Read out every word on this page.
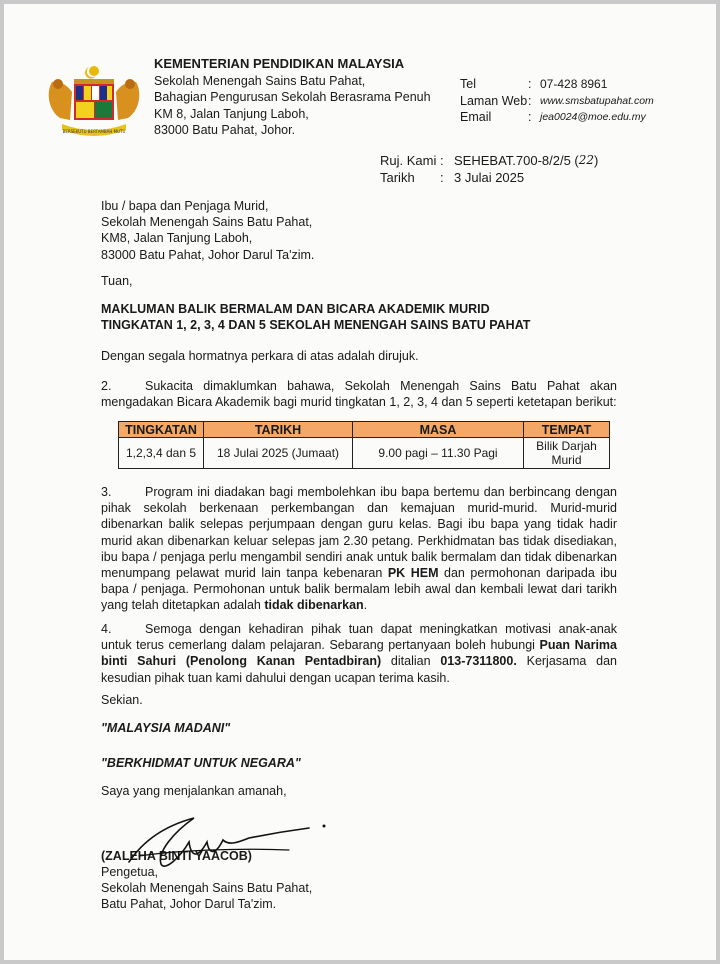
BERSEKUTU BERTAMBAH MUTU
KEMENTERIAN PENDIDIKAN MALAYSIA
Sekolah Menengah Sains Batu Pahat,
Bahagian Pengurusan Sekolah Berasrama Penuh
KM 8, Jalan Tanjung Laboh,
83000 Batu Pahat, Johor.
Tel	: 07-428 8961
Laman Web : www.smsbatupahat.com
Email	: jea0024@moe.edu.my
Ruj. Kami : SEHEBAT.700-8/2/5 ( 22 )
Tarikh	: 3 Julai 2025
Ibu / bapa dan Penjaga Murid,
Sekolah Menengah Sains Batu Pahat,
KM8, Jalan Tanjung Laboh,
83000 Batu Pahat, Johor Darul Ta'zim.
Tuan,
MAKLUMAN BALIK BERMALAM DAN BICARA AKADEMIK MURID
TINGKATAN 1, 2, 3, 4 DAN 5 SEKOLAH MENENGAH SAINS BATU PAHAT
Dengan segala hormatnya perkara di atas adalah dirujuk.
2.	Sukacita dimaklumkan bahawa, Sekolah Menengah Sains Batu Pahat akan mengadakan Bicara Akademik bagi murid tingkatan 1, 2, 3, 4 dan 5 seperti ketetapan berikut:
TINGKATAN	TARIKH	MASA	TEMPAT
1,2,3,4 dan 5	18 Julai 2025 (Jumaat)	9.00 pagi – 11.30 Pagi	Bilik Darjah Murid
3.	Program ini diadakan bagi membolehkan ibu bapa bertemu dan berbincang dengan pihak sekolah berkenaan perkembangan dan kemajuan murid-murid. Murid-murid dibenarkan balik selepas perjumpaan dengan guru kelas. Bagi ibu bapa yang tidak hadir murid akan dibenarkan keluar selepas jam 2.30 petang. Perkhidmatan bas tidak disediakan, ibu bapa / penjaga perlu mengambil sendiri anak untuk balik bermalam dan tidak dibenarkan menumpang pelawat murid lain tanpa kebenaran PK HEM dan permohonan daripada ibu bapa / penjaga. Permohonan untuk balik bermalam lebih awal dan kembali lewat dari tarikh yang telah ditetapkan adalah tidak dibenarkan.
4.	Semoga dengan kehadiran pihak tuan dapat meningkatkan motivasi anak-anak untuk terus cemerlang dalam pelajaran. Sebarang pertanyaan boleh hubungi Puan Narima binti Sahuri (Penolong Kanan Pentadbiran) ditalian 013-7311800. Kerjasama dan kesudian pihak tuan kami dahului dengan ucapan terima kasih.
Sekian.
"MALAYSIA MADANI"
"BERKHIDMAT UNTUK NEGARA"
Saya yang menjalankan amanah,
(ZALEHA BINTI YAACOB)
Pengetua,
Sekolah Menengah Sains Batu Pahat,
Batu Pahat, Johor Darul Ta'zim.
